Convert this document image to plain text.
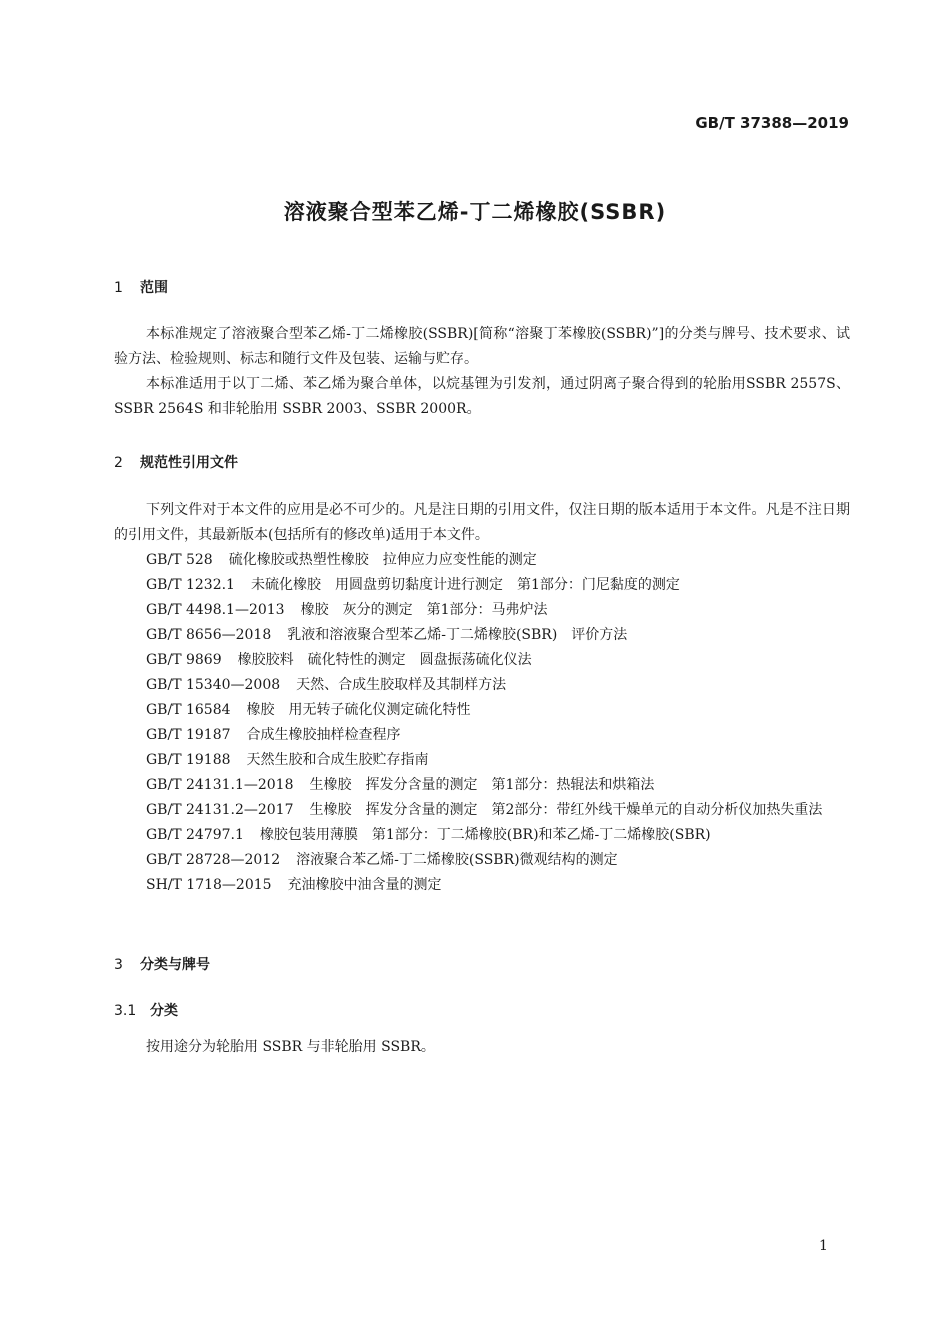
GB/T 37388—2019
溶液聚合型苯乙烯-丁二烯橡胶(SSBR)
1 范围

本标准规定了溶液聚合型苯乙烯-丁二烯橡胶(SSBR)[简称“溶聚丁苯橡胶(SSBR)”]的分类与牌号、技术要求、试验方法、检验规则、标志和随行文件及包装、运输与贮存。

本标准适用于以丁二烯、苯乙烯为聚合单体，以烷基锂为引发剂，通过阴离子聚合得到的轮胎用SSBR 2557S、SSBR 2564S 和非轮胎用 SSBR 2003、SSBR 2000R。

2 规范性引用文件

下列文件对于本文件的应用是必不可少的。凡是注日期的引用文件，仅注日期的版本适用于本文件。凡是不注日期的引用文件，其最新版本(包括所有的修改单)适用于本文件。

GB/T 528 硫化橡胶或热塑性橡胶　拉伸应力应变性能的测定
GB/T 1232.1 未硫化橡胶　用圆盘剪切黏度计进行测定　第1部分：门尼黏度的测定
GB/T 4498.1—2013 橡胶　灰分的测定　第1部分：马弗炉法
GB/T 8656—2018 乳液和溶液聚合型苯乙烯-丁二烯橡胶(SBR)　评价方法
GB/T 9869 橡胶胶料　硫化特性的测定　圆盘振荡硫化仪法
GB/T 15340—2008 天然、合成生胶取样及其制样方法
GB/T 16584 橡胶　用无转子硫化仪测定硫化特性
GB/T 19187 合成生橡胶抽样检查程序
GB/T 19188 天然生胶和合成生胶贮存指南
GB/T 24131.1—2018 生橡胶　挥发分含量的测定　第1部分：热辊法和烘箱法
GB/T 24131.2—2017 生橡胶　挥发分含量的测定　第2部分：带红外线干燥单元的自动分析仪加热失重法
GB/T 24797.1 橡胶包装用薄膜　第1部分：丁二烯橡胶(BR)和苯乙烯-丁二烯橡胶(SBR)
GB/T 28728—2012 溶液聚合苯乙烯-丁二烯橡胶(SSBR)微观结构的测定
SH/T 1718—2015 充油橡胶中油含量的测定
3 分类与牌号
3.1 分类

按用途分为轮胎用 SSBR 与非轮胎用 SSBR。

1
